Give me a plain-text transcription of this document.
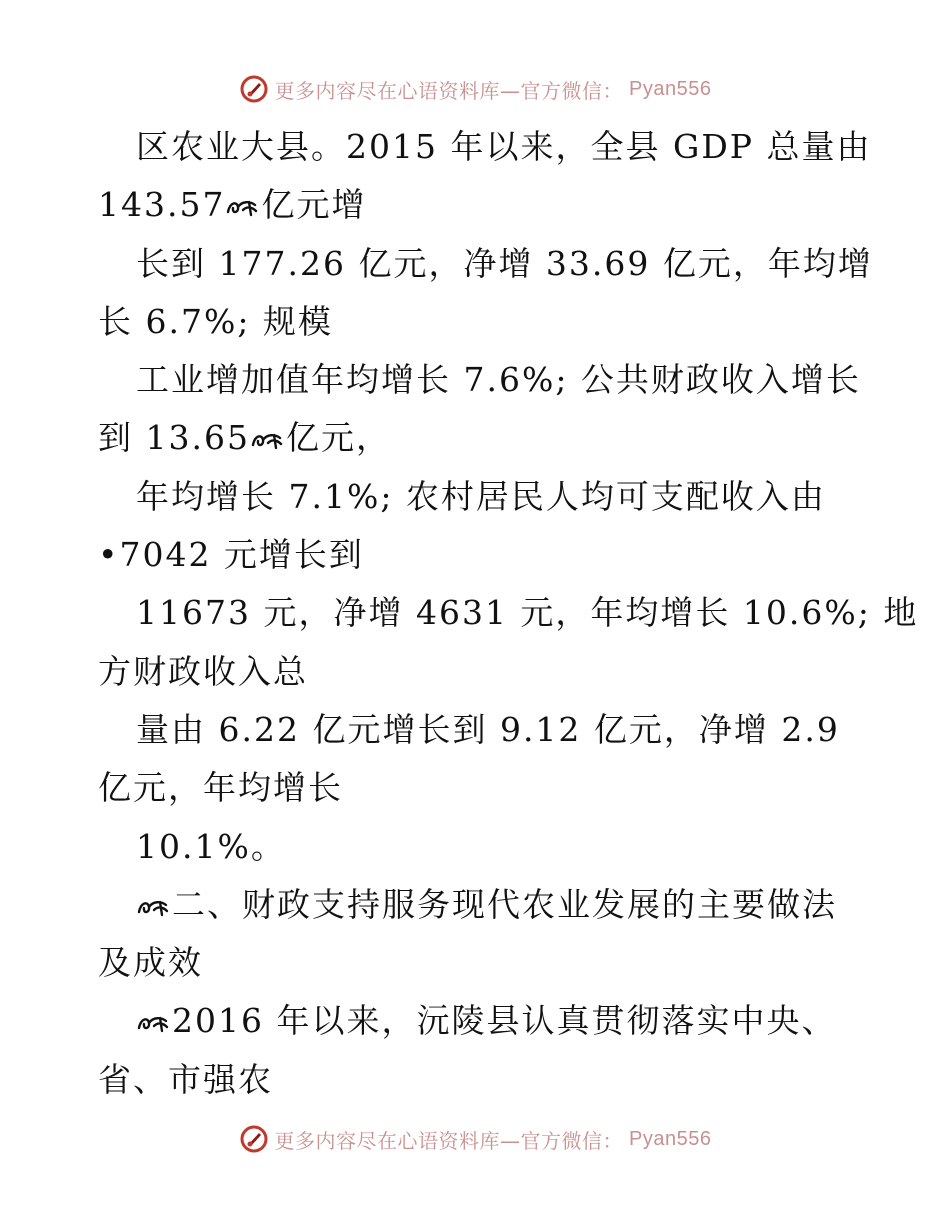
更多内容尽在心语资料库—官方微信： Pyan556
区农业大县。2015 年以来，全县 GDP 总量由
143.57 亿元增
长到 177.26 亿元，净增 33.69 亿元，年均增
长 6.7%; 规模
工业增加值年均增长 7.6%; 公共财政收入增长
到 13.65 亿元，
年均增长 7.1%; 农村居民人均可支配收入由
•7042 元增长到
11673 元，净增 4631 元，年均增长 10.6%; 地
方财政收入总
量由 6.22 亿元增长到 9.12 亿元，净增 2.9
亿元，年均增长
10.1%。
二、财政支持服务现代农业发展的主要做法
及成效
2016 年以来，沅陵县认真贯彻落实中央、
省、市强农
更多内容尽在心语资料库—官方微信： Pyan556
